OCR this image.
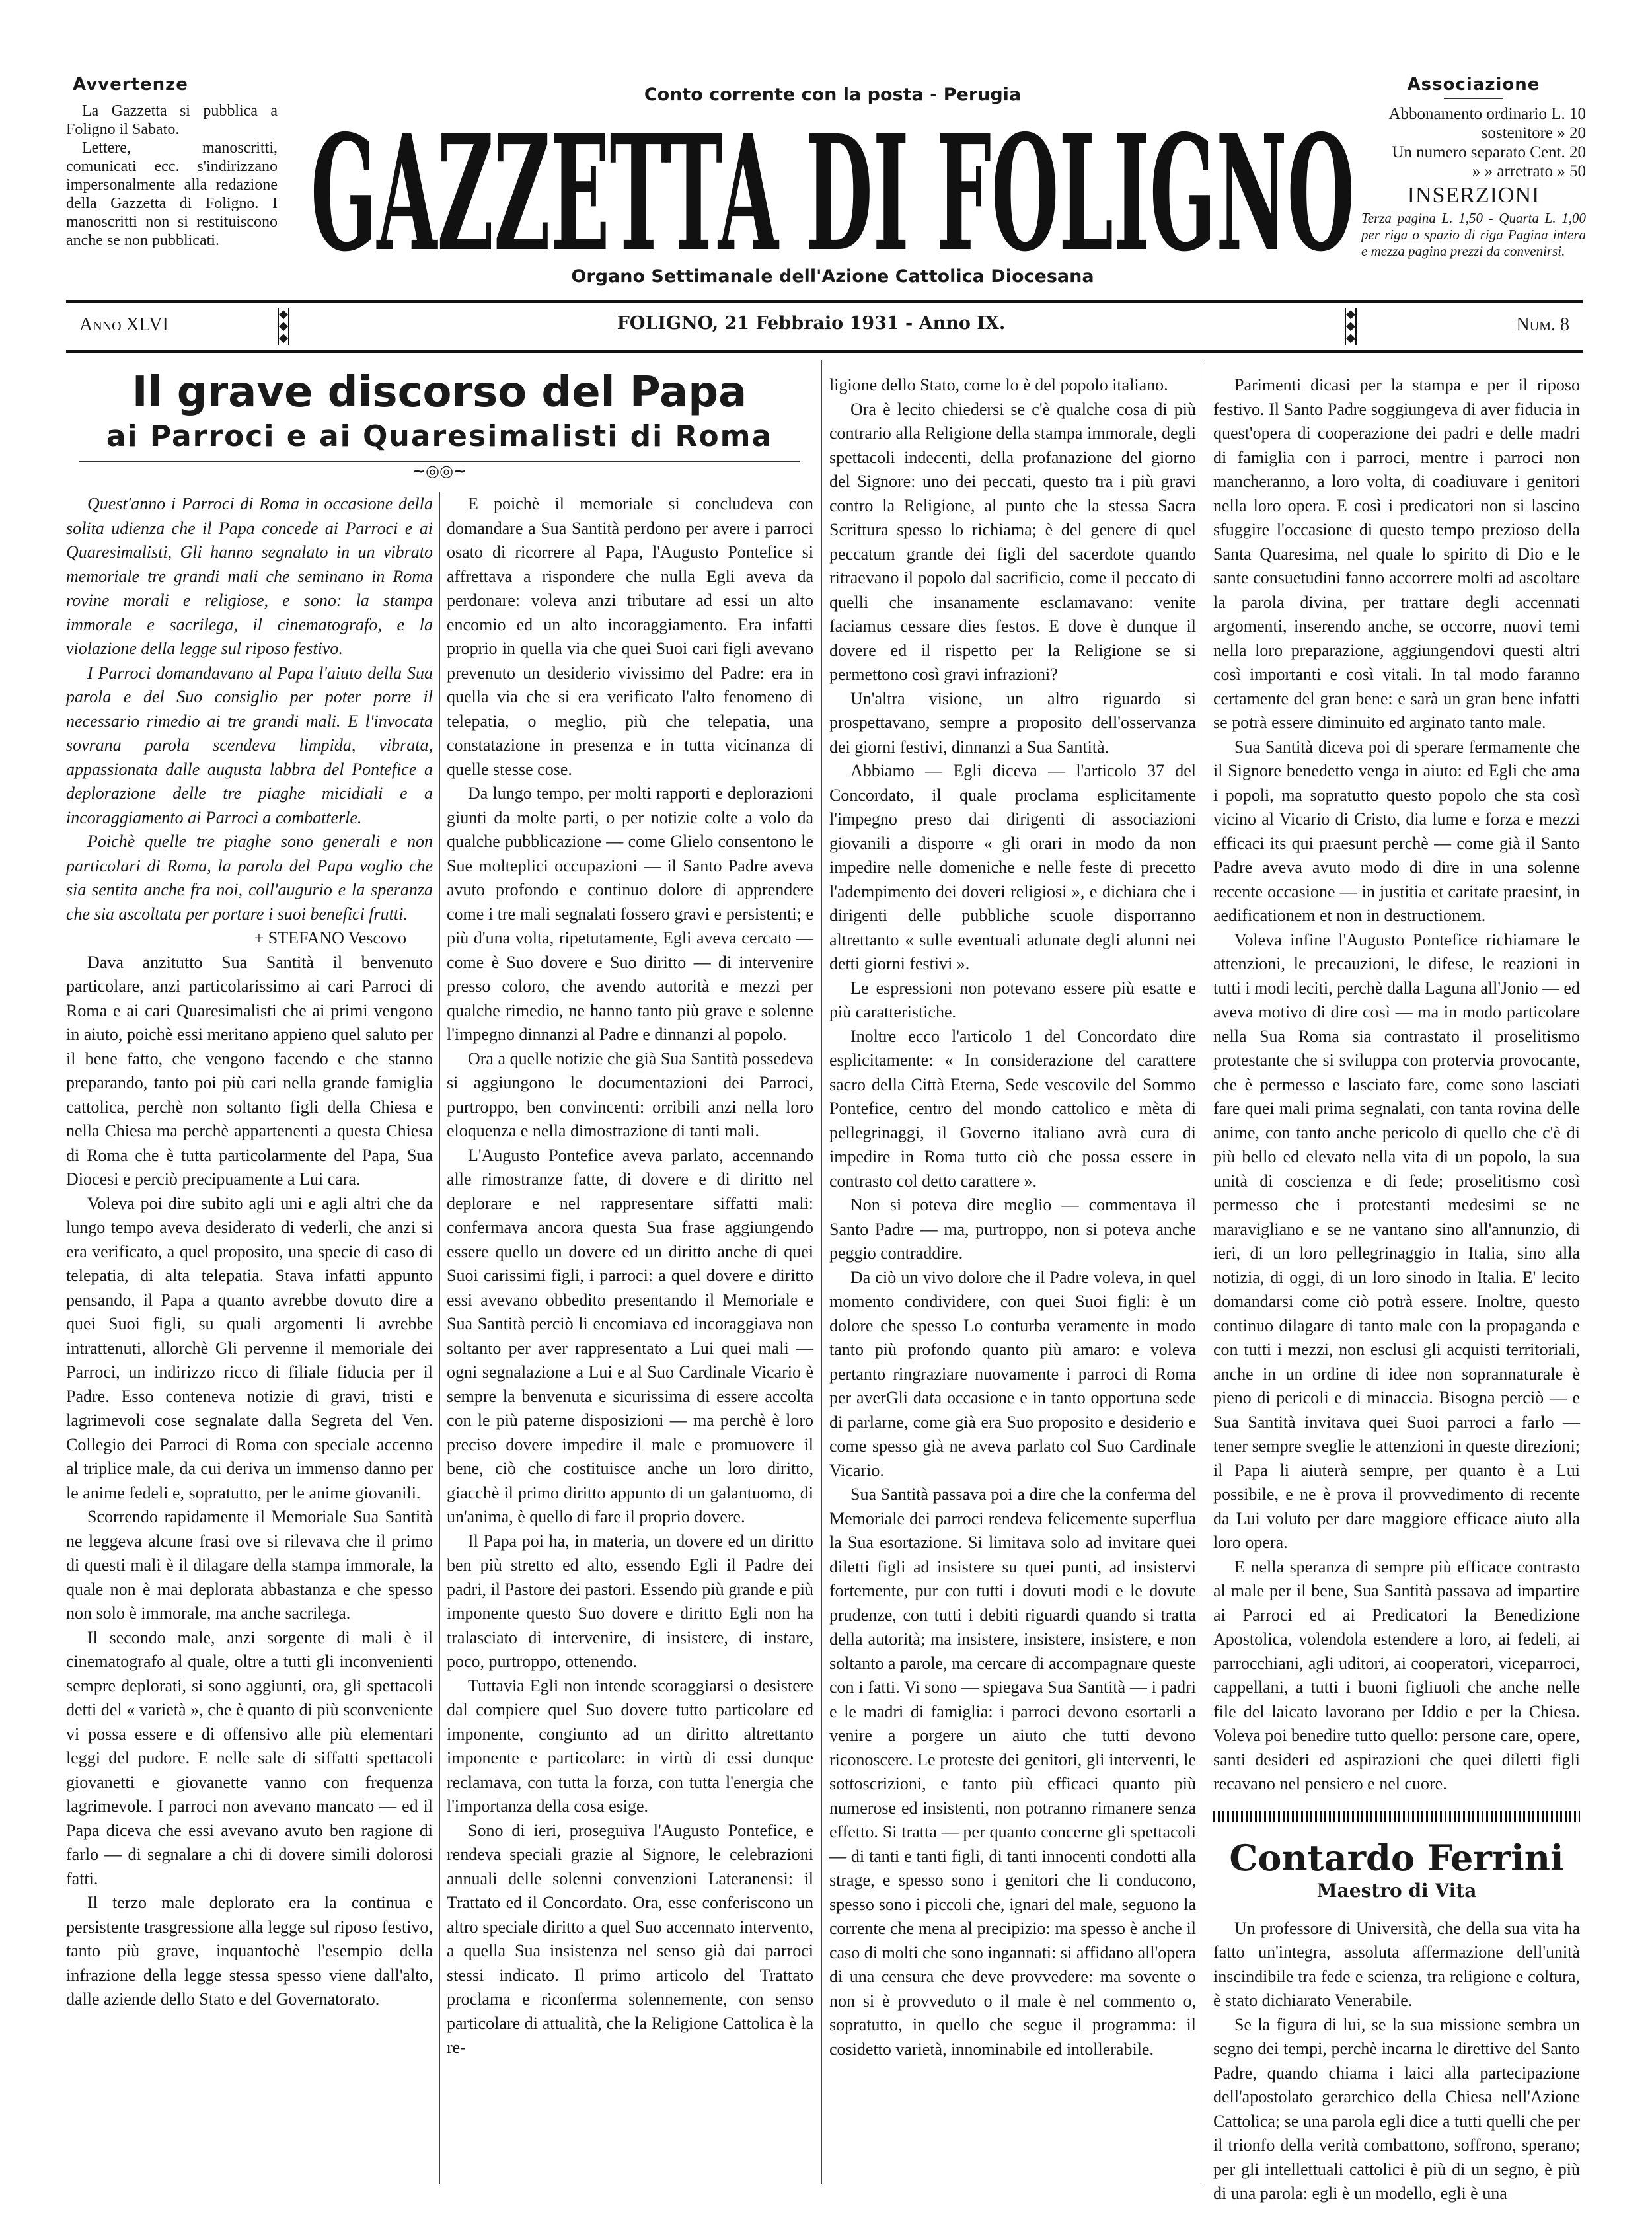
Avvertenze

La Gazzetta si pubblica a Foligno il Sabato.

Lettere, manoscritti, comunicati ecc. s'indirizzano impersonalmente alla redazione della Gazzetta di Foligno. I manoscritti non si restituiscono anche se non pubblicati.

Conto corrente con la posta - Perugia
GAZZETTA DI FOLIGNO
Organo Settimanale dell'Azione Cattolica Diocesana
Associazione
Abbonamento ordinario L. 10
sostenitore » 20
Un numero separato Cent. 20
» » arretrato » 50
INSERZIONI
Terza pagina L. 1,50 - Quarta L. 1,00 per riga o spazio di riga Pagina intera e mezza pagina prezzi da convenirsi.
Anno XLVI
◆
◆
◆
FOLIGNO, 21 Febbraio 1931 - Anno IX.	◆
◆
◆
Num. 8
Il grave discorso del Papa
ai Parroci e ai Quaresimalisti di Roma
~◎◎~

Quest'anno i Parroci di Roma in occasione della solita udienza che il Papa concede ai Parroci e ai Quaresimalisti, Gli hanno segnalato in un vibrato memoriale tre grandi mali che seminano in Roma rovine morali e religiose, e sono: la stampa immorale e sacrilega, il cinematografo, e la violazione della legge sul riposo festivo.

I Parroci domandavano al Papa l'aiuto della Sua parola e del Suo consiglio per poter porre il necessario rimedio ai tre grandi mali. E l'invocata sovrana parola scendeva limpida, vibrata, appassionata dalle augusta labbra del Pontefice a deplorazione delle tre piaghe micidiali e a incoraggiamento ai Parroci a combatterle.

Poichè quelle tre piaghe sono generali e non particolari di Roma, la parola del Papa voglio che sia sentita anche fra noi, coll'augurio e la speranza che sia ascoltata per portare i suoi benefici frutti.

+ STEFANO Vescovo

Dava anzitutto Sua Santità il benvenuto particolare, anzi particolarissimo ai cari Parroci di Roma e ai cari Quaresimalisti che ai primi vengono in aiuto, poichè essi meritano appieno quel saluto per il bene fatto, che vengono facendo e che stanno preparando, tanto poi più cari nella grande famiglia cattolica, perchè non soltanto figli della Chiesa e nella Chiesa ma perchè appartenenti a questa Chiesa di Roma che è tutta particolarmente del Papa, Sua Diocesi e perciò precipuamente a Lui cara.

Voleva poi dire subito agli uni e agli altri che da lungo tempo aveva desiderato di vederli, che anzi si era verificato, a quel proposito, una specie di caso di telepatia, di alta telepatia. Stava infatti appunto pensando, il Papa a quanto avrebbe dovuto dire a quei Suoi figli, su quali argomenti li avrebbe intrattenuti, allorchè Gli pervenne il memoriale dei Parroci, un indirizzo ricco di filiale fiducia per il Padre. Esso conteneva notizie di gravi, tristi e lagrimevoli cose segnalate dalla Segreta del Ven. Collegio dei Parroci di Roma con speciale accenno al triplice male, da cui deriva un immenso danno per le anime fedeli e, sopratutto, per le anime giovanili.

Scorrendo rapidamente il Memoriale Sua Santità ne leggeva alcune frasi ove si rilevava che il primo di questi mali è il dilagare della stampa immorale, la quale non è mai deplorata abbastanza e che spesso non solo è immorale, ma anche sacrilega.

Il secondo male, anzi sorgente di mali è il cinematografo al quale, oltre a tutti gli inconvenienti sempre deplorati, si sono aggiunti, ora, gli spettacoli detti del « varietà », che è quanto di più sconveniente vi possa essere e di offensivo alle più elementari leggi del pudore. E nelle sale di siffatti spettacoli giovanetti e giovanette vanno con frequenza lagrimevole. I parroci non avevano mancato — ed il Papa diceva che essi avevano avuto ben ragione di farlo — di segnalare a chi di dovere simili dolorosi fatti.

Il terzo male deplorato era la continua e persistente trasgressione alla legge sul riposo festivo, tanto più grave, inquantochè l'esempio della infrazione della legge stessa spesso viene dall'alto, dalle aziende dello Stato e del Governatorato.

E poichè il memoriale si concludeva con domandare a Sua Santità perdono per avere i parroci osato di ricorrere al Papa, l'Augusto Pontefice si affrettava a rispondere che nulla Egli aveva da perdonare: voleva anzi tributare ad essi un alto encomio ed un alto incoraggiamento. Era infatti proprio in quella via che quei Suoi cari figli avevano prevenuto un desiderio vivissimo del Padre: era in quella via che si era verificato l'alto fenomeno di telepatia, o meglio, più che telepatia, una constatazione in presenza e in tutta vicinanza di quelle stesse cose.

Da lungo tempo, per molti rapporti e deplorazioni giunti da molte parti, o per notizie colte a volo da qualche pubblicazione — come Glielo consentono le Sue molteplici occupazioni — il Santo Padre aveva avuto profondo e continuo dolore di apprendere come i tre mali segnalati fossero gravi e persistenti; e più d'una volta, ripetutamente, Egli aveva cercato — come è Suo dovere e Suo diritto — di intervenire presso coloro, che avendo autorità e mezzi per qualche rimedio, ne hanno tanto più grave e solenne l'impegno dinnanzi al Padre e dinnanzi al popolo.

Ora a quelle notizie che già Sua Santità possedeva si aggiungono le documentazioni dei Parroci, purtroppo, ben convincenti: orribili anzi nella loro eloquenza e nella dimostrazione di tanti mali.

L'Augusto Pontefice aveva parlato, accennando alle rimostranze fatte, di dovere e di diritto nel deplorare e nel rappresentare siffatti mali: confermava ancora questa Sua frase aggiungendo essere quello un dovere ed un diritto anche di quei Suoi carissimi figli, i parroci: a quel dovere e diritto essi avevano obbedito presentando il Memoriale e Sua Santità perciò li encomiava ed incoraggiava non soltanto per aver rappresentato a Lui quei mali — ogni segnalazione a Lui e al Suo Cardinale Vicario è sempre la benvenuta e sicurissima di essere accolta con le più paterne disposizioni — ma perchè è loro preciso dovere impedire il male e promuovere il bene, ciò che costituisce anche un loro diritto, giacchè il primo diritto appunto di un galantuomo, di un'anima, è quello di fare il proprio dovere.

Il Papa poi ha, in materia, un dovere ed un diritto ben più stretto ed alto, essendo Egli il Padre dei padri, il Pastore dei pastori. Essendo più grande e più imponente questo Suo dovere e diritto Egli non ha tralasciato di intervenire, di insistere, di instare, poco, purtroppo, ottenendo.

Tuttavia Egli non intende scoraggiarsi o desistere dal compiere quel Suo dovere tutto particolare ed imponente, congiunto ad un diritto altrettanto imponente e particolare: in virtù di essi dunque reclamava, con tutta la forza, con tutta l'energia che l'importanza della cosa esige.

Sono di ieri, proseguiva l'Augusto Pontefice, e rendeva speciali grazie al Signore, le celebrazioni annuali delle solenni convenzioni Lateranensi: il Trattato ed il Concordato. Ora, esse conferiscono un altro speciale diritto a quel Suo accennato intervento, a quella Sua insistenza nel senso già dai parroci stessi indicato. Il primo articolo del Trattato proclama e riconferma solennemente, con senso particolare di attualità, che la Religione Cattolica è la re-

ligione dello Stato, come lo è del popolo italiano.

Ora è lecito chiedersi se c'è qualche cosa di più contrario alla Religione della stampa immorale, degli spettacoli indecenti, della profanazione del giorno del Signore: uno dei peccati, questo tra i più gravi contro la Religione, al punto che la stessa Sacra Scrittura spesso lo richiama; è del genere di quel peccatum grande dei figli del sacerdote quando ritraevano il popolo dal sacrificio, come il peccato di quelli che insanamente esclamavano: venite faciamus cessare dies festos. E dove è dunque il dovere ed il rispetto per la Religione se si permettono così gravi infrazioni?

Un'altra visione, un altro riguardo si prospettavano, sempre a proposito dell'osservanza dei giorni festivi, dinnanzi a Sua Santità.

Abbiamo — Egli diceva — l'articolo 37 del Concordato, il quale proclama esplicitamente l'impegno preso dai dirigenti di associazioni giovanili a disporre « gli orari in modo da non impedire nelle domeniche e nelle feste di precetto l'adempimento dei doveri religiosi », e dichiara che i dirigenti delle pubbliche scuole disporranno altrettanto « sulle eventuali adunate degli alunni nei detti giorni festivi ».

Le espressioni non potevano essere più esatte e più caratteristiche.

Inoltre ecco l'articolo 1 del Concordato dire esplicitamente: « In considerazione del carattere sacro della Città Eterna, Sede vescovile del Sommo Pontefice, centro del mondo cattolico e mèta di pellegrinaggi, il Governo italiano avrà cura di impedire in Roma tutto ciò che possa essere in contrasto col detto carattere ».

Non si poteva dire meglio — commentava il Santo Padre — ma, purtroppo, non si poteva anche peggio contraddire.

Da ciò un vivo dolore che il Padre voleva, in quel momento condividere, con quei Suoi figli: è un dolore che spesso Lo conturba veramente in modo tanto più profondo quanto più amaro: e voleva pertanto ringraziare nuovamente i parroci di Roma per averGli data occasione e in tanto opportuna sede di parlarne, come già era Suo proposito e desiderio e come spesso già ne aveva parlato col Suo Cardinale Vicario.

Sua Santità passava poi a dire che la conferma del Memoriale dei parroci rendeva felicemente superflua la Sua esortazione. Si limitava solo ad invitare quei diletti figli ad insistere su quei punti, ad insistervi fortemente, pur con tutti i dovuti modi e le dovute prudenze, con tutti i debiti riguardi quando si tratta della autorità; ma insistere, insistere, insistere, e non soltanto a parole, ma cercare di accompagnare queste con i fatti. Vi sono — spiegava Sua Santità — i padri e le madri di famiglia: i parroci devono esortarli a venire a porgere un aiuto che tutti devono riconoscere. Le proteste dei genitori, gli interventi, le sottoscrizioni, e tanto più efficaci quanto più numerose ed insistenti, non potranno rimanere senza effetto. Si tratta — per quanto concerne gli spettacoli — di tanti e tanti figli, di tanti innocenti condotti alla strage, e spesso sono i genitori che li conducono, spesso sono i piccoli che, ignari del male, seguono la corrente che mena al precipizio: ma spesso è anche il caso di molti che sono ingannati: si affidano all'opera di una censura che deve provvedere: ma sovente o non si è provveduto o il male è nel commento o, sopratutto, in quello che segue il programma: il cosidetto varietà, innominabile ed intollerabile.

Parimenti dicasi per la stampa e per il riposo festivo. Il Santo Padre soggiungeva di aver fiducia in quest'opera di cooperazione dei padri e delle madri di famiglia con i parroci, mentre i parroci non mancheranno, a loro volta, di coadiuvare i genitori nella loro opera. E così i predicatori non si lascino sfuggire l'occasione di questo tempo prezioso della Santa Quaresima, nel quale lo spirito di Dio e le sante consuetudini fanno accorrere molti ad ascoltare la parola divina, per trattare degli accennati argomenti, inserendo anche, se occorre, nuovi temi nella loro preparazione, aggiungendovi questi altri così importanti e così vitali. In tal modo faranno certamente del gran bene: e sarà un gran bene infatti se potrà essere diminuito ed arginato tanto male.

Sua Santità diceva poi di sperare fermamente che il Signore benedetto venga in aiuto: ed Egli che ama i popoli, ma sopratutto questo popolo che sta così vicino al Vicario di Cristo, dia lume e forza e mezzi efficaci its qui praesunt perchè — come già il Santo Padre aveva avuto modo di dire in una solenne recente occasione — in justitia et caritate praesint, in aedificationem et non in destructionem.

Voleva infine l'Augusto Pontefice richiamare le attenzioni, le precauzioni, le difese, le reazioni in tutti i modi leciti, perchè dalla Laguna all'Jonio — ed aveva motivo di dire così — ma in modo particolare nella Sua Roma sia contrastato il proselitismo protestante che si sviluppa con protervia provocante, che è permesso e lasciato fare, come sono lasciati fare quei mali prima segnalati, con tanta rovina delle anime, con tanto anche pericolo di quello che c'è di più bello ed elevato nella vita di un popolo, la sua unità di coscienza e di fede; proselitismo così permesso che i protestanti medesimi se ne maravigliano e se ne vantano sino all'annunzio, di ieri, di un loro pellegrinaggio in Italia, sino alla notizia, di oggi, di un loro sinodo in Italia. E' lecito domandarsi come ciò potrà essere. Inoltre, questo continuo dilagare di tanto male con la propaganda e con tutti i mezzi, non esclusi gli acquisti territoriali, anche in un ordine di idee non soprannaturale è pieno di pericoli e di minaccia. Bisogna perciò — e Sua Santità invitava quei Suoi parroci a farlo — tener sempre sveglie le attenzioni in queste direzioni; il Papa li aiuterà sempre, per quanto è a Lui possibile, e ne è prova il provvedimento di recente da Lui voluto per dare maggiore efficace aiuto alla loro opera.

E nella speranza di sempre più efficace contrasto al male per il bene, Sua Santità passava ad impartire ai Parroci ed ai Predicatori la Benedizione Apostolica, volendola estendere a loro, ai fedeli, ai parrocchiani, agli uditori, ai cooperatori, viceparroci, cappellani, a tutti i buoni figliuoli che anche nelle file del laicato lavorano per Iddio e per la Chiesa. Voleva poi benedire tutto quello: persone care, opere, santi desideri ed aspirazioni che quei diletti figli recavano nel pensiero e nel cuore.

Contardo Ferrini
Maestro di Vita

Un professore di Università, che della sua vita ha fatto un'integra, assoluta affermazione dell'unità inscindibile tra fede e scienza, tra religione e coltura, è stato dichiarato Venerabile.

Se la figura di lui, se la sua missione sembra un segno dei tempi, perchè incarna le direttive del Santo Padre, quando chiama i laici alla partecipazione dell'apostolato gerarchico della Chiesa nell'Azione Cattolica; se una parola egli dice a tutti quelli che per il trionfo della verità combattono, soffrono, sperano; per gli intellettuali cattolici è più di un segno, è più di una parola: egli è un modello, egli è una
